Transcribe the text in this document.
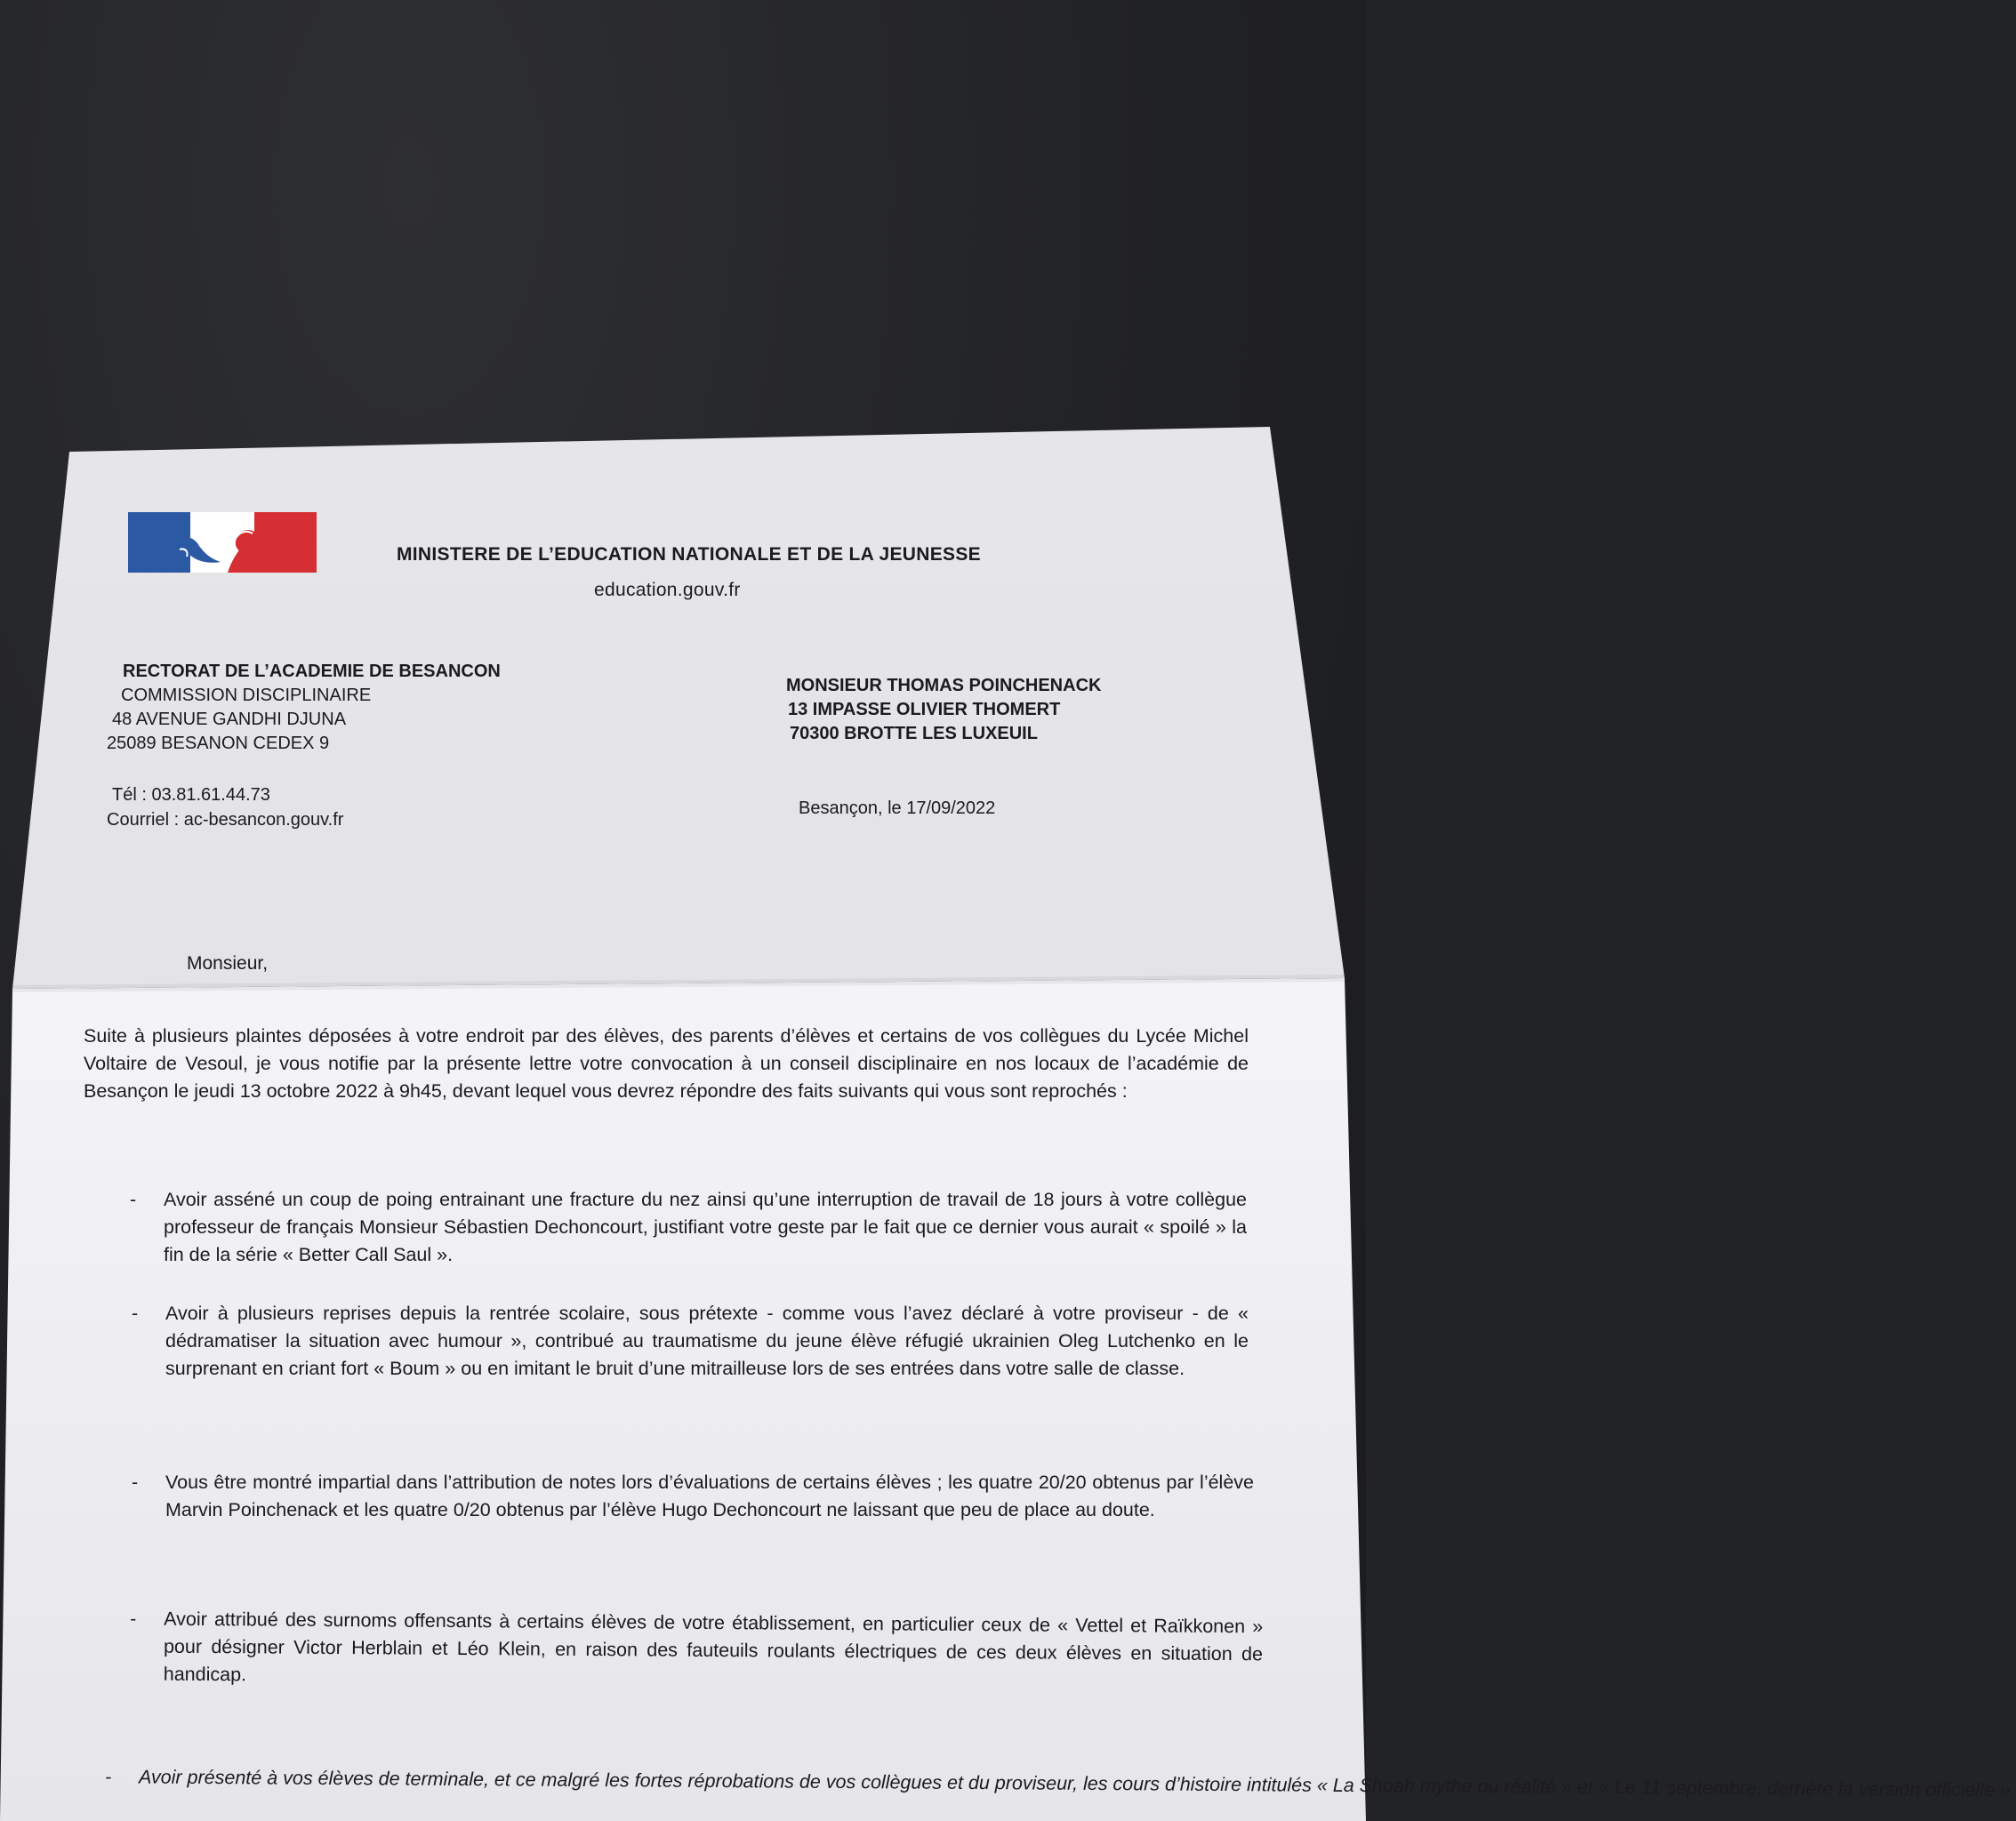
MINISTERE DE L’EDUCATION NATIONALE ET DE LA JEUNESSE
education.gouv.fr
RECTORAT DE L’ACADEMIE DE BESANCON
COMMISSION DISCIPLINAIRE
48 AVENUE GANDHI DJUNA
25089 BESANON CEDEX 9
Tél : 03.81.61.44.73
Courriel : ac-besancon.gouv.fr
MONSIEUR THOMAS POINCHENACK
13 IMPASSE OLIVIER THOMERT
70300 BROTTE LES LUXEUIL
Besançon, le 17/09/2022
Monsieur,
Suite à plusieurs plaintes déposées à votre endroit par des élèves, des parents d’élèves et certains de vos collègues du Lycée Michel Voltaire de Vesoul, je vous notifie par la présente lettre votre convocation à un conseil disciplinaire en nos locaux de l’académie de Besançon le jeudi 13 octobre 2022 à 9h45, devant lequel vous devrez répondre des faits suivants qui vous sont reprochés :
- Avoir asséné un coup de poing entrainant une fracture du nez ainsi qu’une interruption de travail de 18 jours à votre collègue professeur de français Monsieur Sébastien Dechoncourt, justifiant votre geste par le fait que ce dernier vous aurait « spoilé » la fin de la série « Better Call Saul ».
- Avoir à plusieurs reprises depuis la rentrée scolaire, sous prétexte - comme vous l’avez déclaré à votre proviseur - de « dédramatiser la situation avec humour », contribué au traumatisme du jeune élève réfugié ukrainien Oleg Lutchenko en le surprenant en criant fort « Boum » ou en imitant le bruit d’une mitrailleuse lors de ses entrées dans votre salle de classe.
- Vous être montré impartial dans l’attribution de notes lors d’évaluations de certains élèves ; les quatre 20/20 obtenus par l’élève Marvin Poinchenack et les quatre 0/20 obtenus par l’élève Hugo Dechoncourt ne laissant que peu de place au doute.
- Avoir attribué des surnoms offensants à certains élèves de votre établissement, en particulier ceux de « Vettel et Raïkkonen » pour désigner Victor Herblain et Léo Klein, en raison des fauteuils roulants électriques de ces deux élèves en situation de handicap.
- Avoir présenté à vos élèves de terminale, et ce malgré les fortes réprobations de vos collègues et du proviseur, les cours d’histoire intitulés « La Shoah mythe ou réalité » et « Le 11 septembre, derrière la version officielle ».
